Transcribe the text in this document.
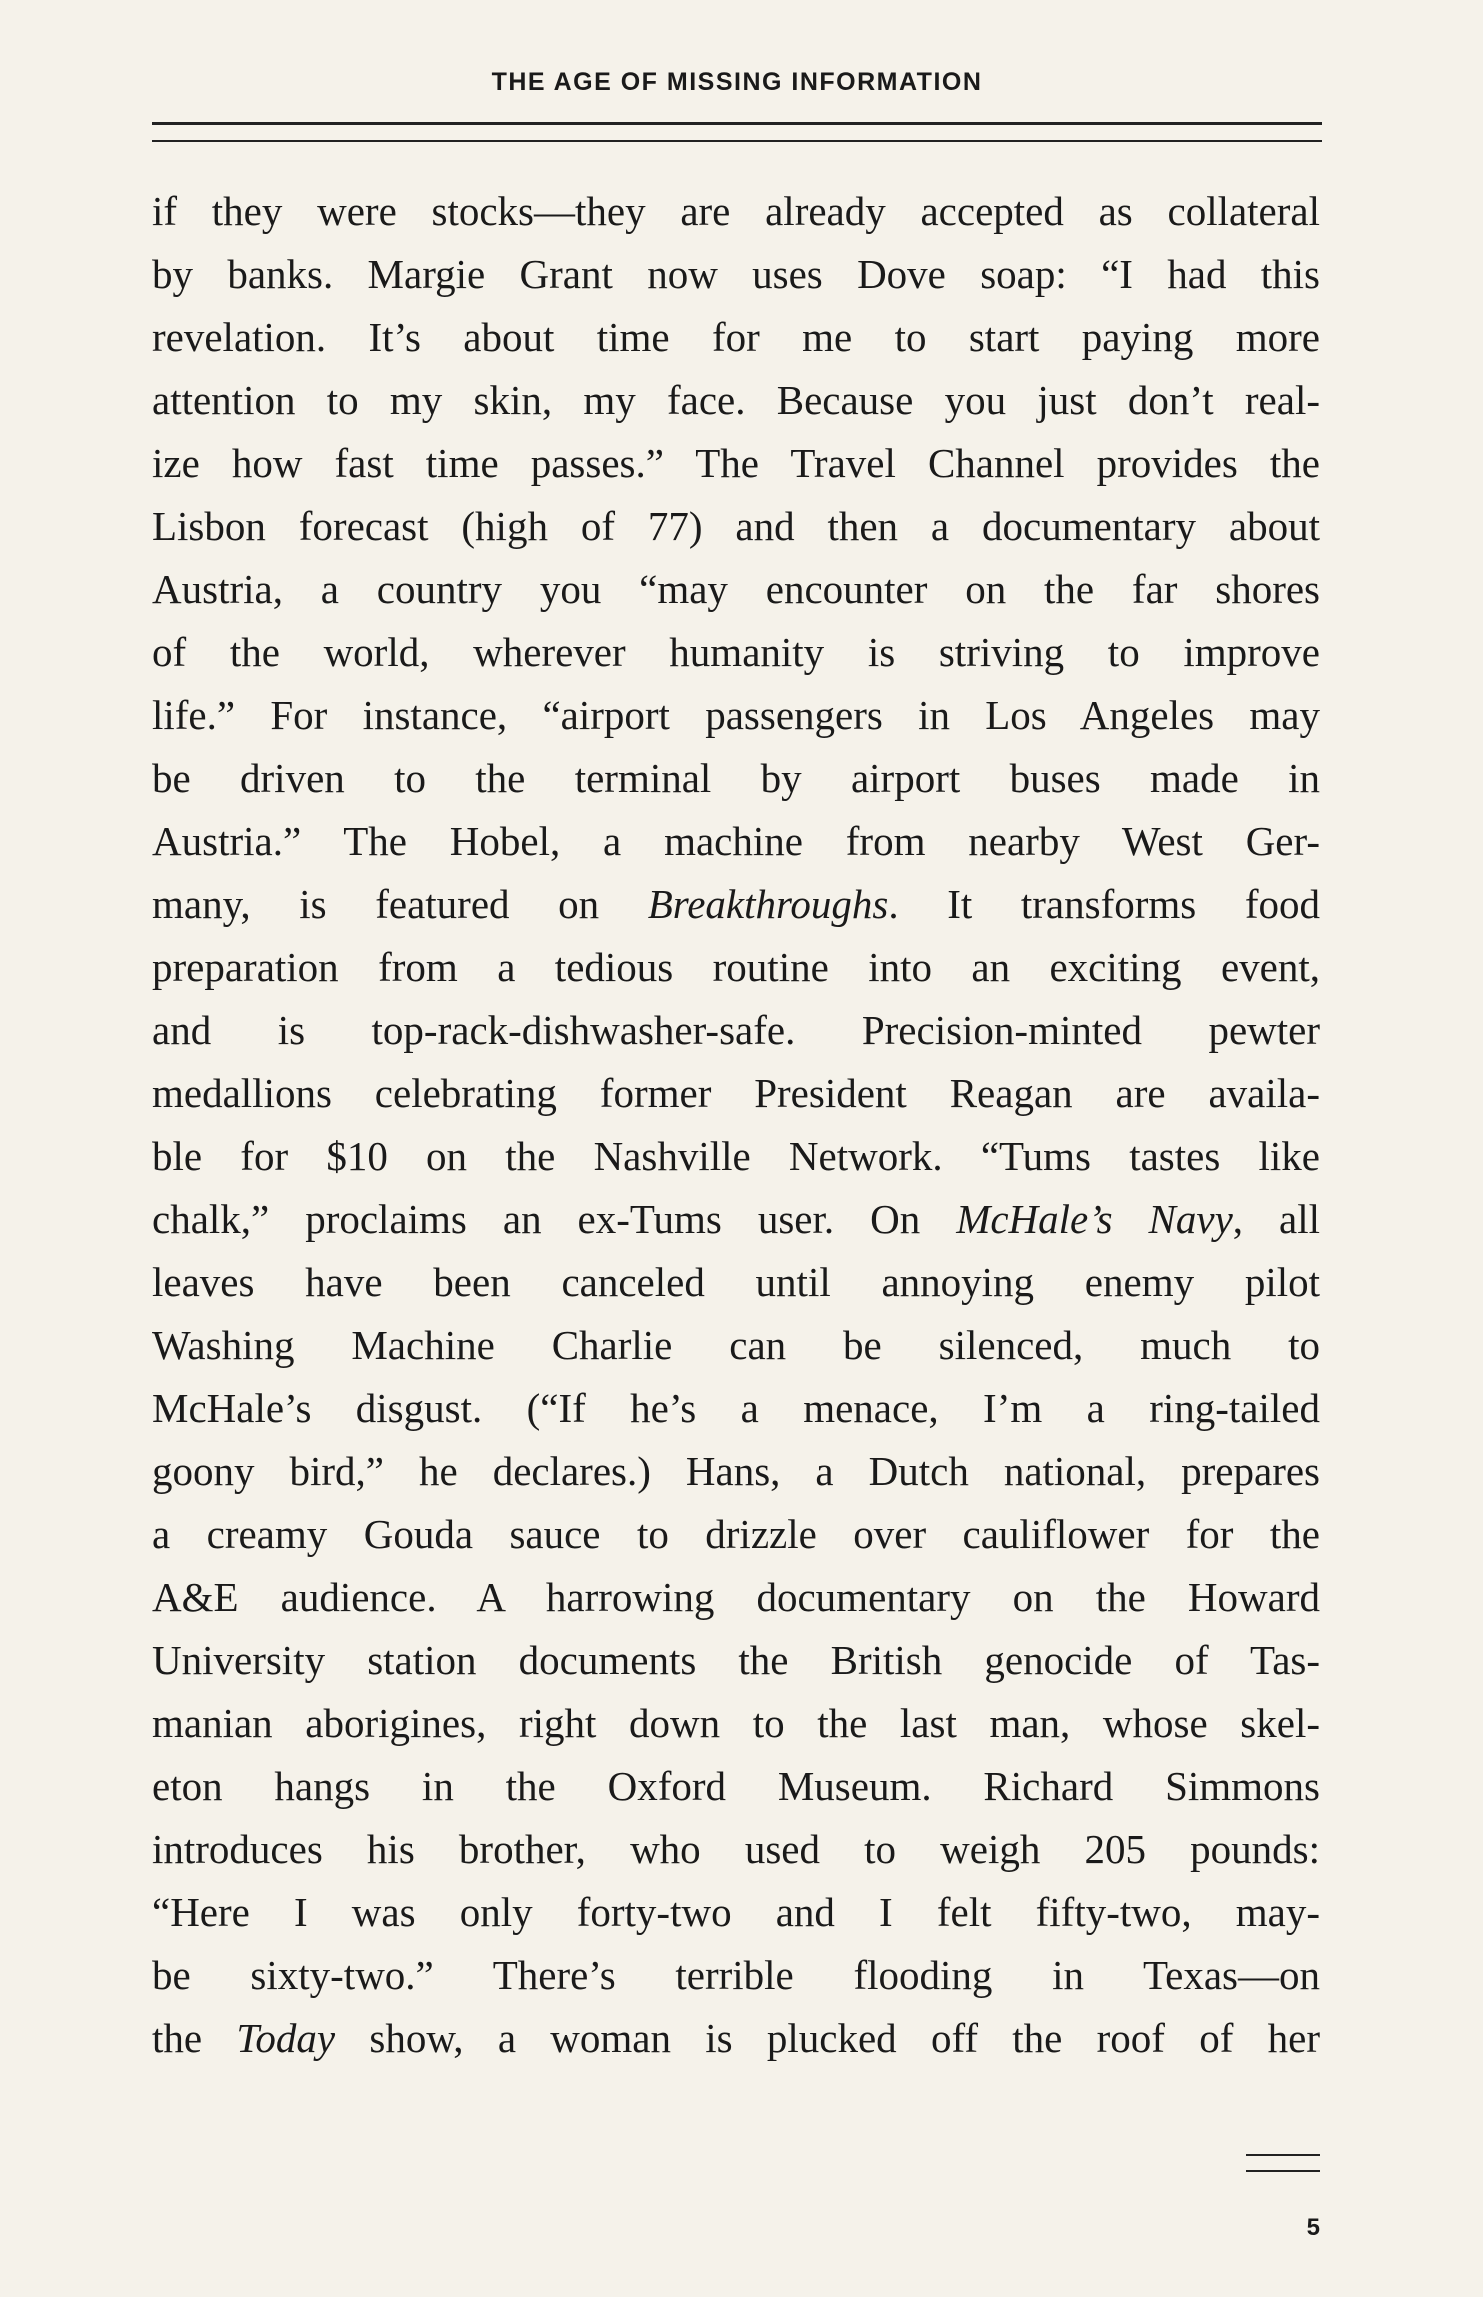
THE AGE OF MISSING INFORMATION
if they were stocks—they are already accepted as collateral
by banks. Margie Grant now uses Dove soap: “I had this
revelation. It’s about time for me to start paying more
attention to my skin, my face. Because you just don’t real-
ize how fast time passes.” The Travel Channel provides the
Lisbon forecast (high of 77) and then a documentary about
Austria, a country you “may encounter on the far shores
of the world, wherever humanity is striving to improve
life.” For instance, “airport passengers in Los Angeles may
be driven to the terminal by airport buses made in
Austria.” The Hobel, a machine from nearby West Ger-
many, is featured on Breakthroughs. It transforms food
preparation from a tedious routine into an exciting event,
and is top-rack-dishwasher-safe. Precision-minted pewter
medallions celebrating former President Reagan are availa-
ble for $10 on the Nashville Network. “Tums tastes like
chalk,” proclaims an ex-Tums user. On McHale’s Navy, all
leaves have been canceled until annoying enemy pilot
Washing Machine Charlie can be silenced, much to
McHale’s disgust. (“If he’s a menace, I’m a ring-tailed
goony bird,” he declares.) Hans, a Dutch national, prepares
a creamy Gouda sauce to drizzle over cauliflower for the
A&E audience. A harrowing documentary on the Howard
University station documents the British genocide of Tas-
manian aborigines, right down to the last man, whose skel-
eton hangs in the Oxford Museum. Richard Simmons
introduces his brother, who used to weigh 205 pounds:
“Here I was only forty-two and I felt fifty-two, may-
be sixty-two.” There’s terrible flooding in Texas—on
the Today show, a woman is plucked off the roof of her
5
